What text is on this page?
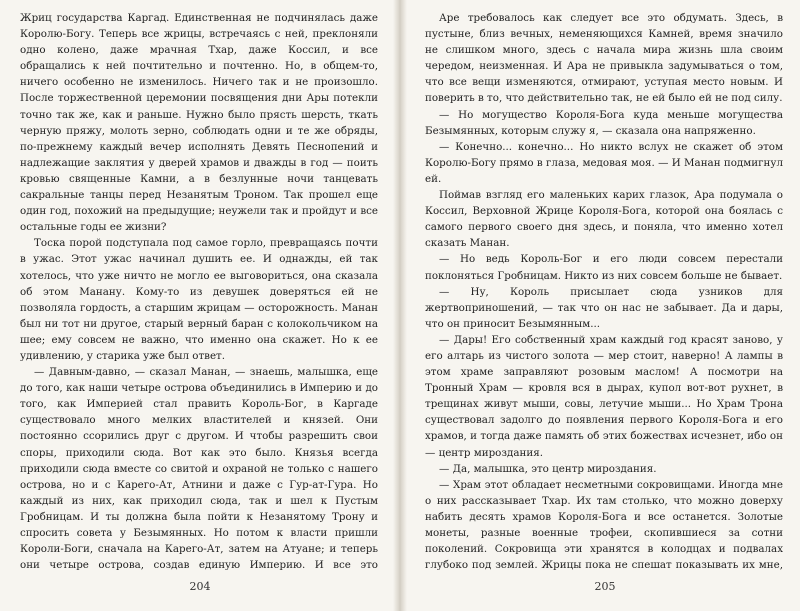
Жриц государства Каргад. Единственная не подчинялась даже Королю-Богу. Теперь все жрицы, встречаясь с ней, преклоняли одно колено, даже мрачная Тхар, даже Коссил, и все обращались к ней почтительно и почтенно. Но, в общем-то, ничего особенно не изменилось. Ничего так и не произошло. После торжественной церемонии посвящения дни Ары потекли точно так же, как и раньше. Нужно было прясть шерсть, ткать черную пряжу, молоть зерно, соблюдать одни и те же обряды, по-прежнему каждый вечер исполнять Девять Песнопений и надлежащие заклятия у дверей храмов и дважды в год — поить кровью священные Камни, а в безлунные ночи танцевать сакральные танцы перед Незанятым Троном. Так прошел еще один год, похожий на предыдущие; неужели так и пройдут и все остальные годы ее жизни?

Тоска порой подступала под самое горло, превращаясь почти в ужас. Этот ужас начинал душить ее. И однажды, ей так хотелось, что уже ничто не могло ее выговориться, она сказала об этом Манану. Кому-то из девушек доверяться ей не позволяла гордость, а старшим жрицам — осторожность. Манан был ни тот ни другое, старый верный баран с колокольчиком на шее; ему совсем не важно, что именно она скажет. Но к ее удивлению, у старика уже был ответ.

— Давным-давно, — сказал Манан, — знаешь, малышка, еще до того, как наши четыре острова объединились в Империю и до того, как Империей стал править Король-Бог, в Каргаде существовало много мелких властителей и князей. Они постоянно ссорились друг с другом. И чтобы разрешить свои споры, приходили сюда. Вот как это было. Князья всегда приходили сюда вместе со свитой и охраной не только с нашего острова, но и с Карего-Ат, Атнини и даже с Гур-ат-Гура. Но каждый из них, как приходил сюда, так и шел к Пустым Гробницам. И ты должна была пойти к Незанятому Трону и спросить совета у Безымянных. Но потом к власти пришли Короли-Боги, сначала на Карего-Ат, затем на Атуане; и теперь они четыре острова, создав единую Империю. И все это

Аре требовалось как следует все это обдумать. Здесь, в пустыне, близ вечных, неменяющихся Камней, время значило не слишком много, здесь с начала мира жизнь шла своим чередом, неизменная. И Ара не привыкла задумываться о том, что все вещи изменяются, отмирают, уступая место новым. И поверить в то, что действительно так, не ей было ей не под силу.

— Но могущество Короля-Бога куда меньше могущества Безымянных, которым служу я, — сказала она напряженно.

— Конечно... конечно... Но никто вслух не скажет об этом Королю-Богу прямо в глаза, медовая моя. — И Манан подмигнул ей.

Поймав взгляд его маленьких карих глазок, Ара подумала о Коссил, Верховной Жрице Короля-Бога, которой она боялась с самого первого своего дня здесь, и поняла, что именно хотел сказать Манан.

— Но ведь Король-Бог и его люди совсем перестали поклоняться Гробницам. Никто из них совсем больше не бывает.

— Ну, Король присылает сюда узников для жертвоприношений, — так что он нас не забывает. Да и дары, что он приносит Безымянным...

— Дары! Его собственный храм каждый год красят заново, у его алтарь из чистого золота — мер стоит, наверно! А лампы в этом храме заправляют розовым маслом! А посмотри на Тронный Храм — кровля вся в дырах, купол вот-вот рухнет, в трещинах живут мыши, совы, летучие мыши... Но Храм Трона существовал задолго до появления первого Короля-Бога и его храмов, и тогда даже память об этих божествах исчезнет, ибо он — центр мироздания.

— Да, малышка, это центр мироздания.

— Храм этот обладает несметными сокровищами. Иногда мне о них рассказывает Тхар. Их там столько, что можно доверху набить десять храмов Короля-Бога и все останется. Золотые монеты, разные военные трофеи, скопившиеся за сотни поколений. Сокровища эти хранятся в колодцах и подвалах глубоко под землей. Жрицы пока не спешат показывать их мне,

204	205
